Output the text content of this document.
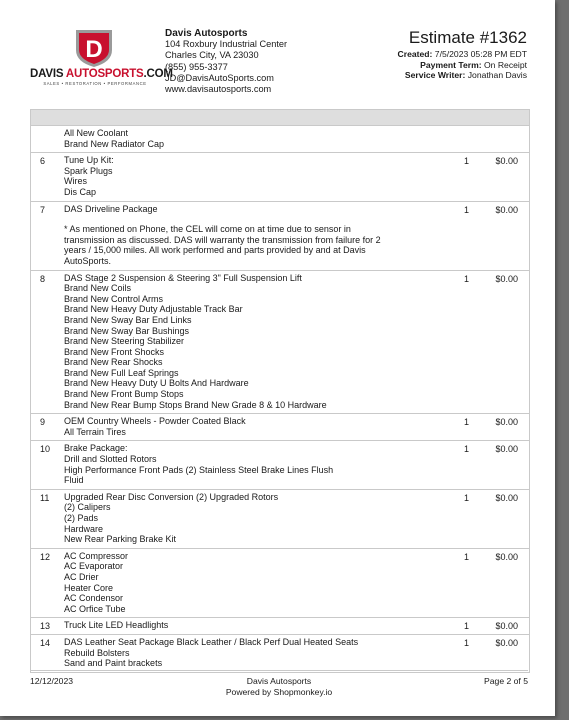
D
DAVIS AUTOSPORTS.COM
SALES • RESTORATION • PERFORMANCE
Davis Autosports
104 Roxbury Industrial Center
Charles City, VA 23030
(855) 955-3377
JD@DavisAutoSports.com
www.davisautosports.com
Estimate #1362
Created: 7/5/2023 05:28 PM EDT
Payment Term: On Receipt
Service Writer: Jonathan Davis
All New Coolant
Brand New Radiator Cap
6 Tune Up Kit:
Spark Plugs
Wires
Dis Cap
1	$0.00
7 DAS Driveline Package
* As mentioned on Phone, the CEL will come on at time due to sensor in transmission as discussed. DAS will warranty the transmission from failure for 2 years / 15,000 miles. All work performed and parts provided by and at Davis AutoSports.
1	$0.00
8 DAS Stage 2 Suspension & Steering 3" Full Suspension Lift
Brand New Coils
Brand New Control Arms
Brand New Heavy Duty Adjustable Track Bar
Brand New Sway Bar End Links
Brand New Sway Bar Bushings
Brand New Steering Stabilizer
Brand New Front Shocks
Brand New Rear Shocks
Brand New Full Leaf Springs
Brand New Heavy Duty U Bolts And Hardware
Brand New Front Bump Stops
Brand New Rear Bump Stops Brand New Grade 8 & 10 Hardware
1	$0.00
9 OEM Country Wheels - Powder Coated Black
All Terrain Tires
1	$0.00
10 Brake Package:
Drill and Slotted Rotors
High Performance Front Pads (2) Stainless Steel Brake Lines Flush
Fluid
1	$0.00
11 Upgraded Rear Disc Conversion (2) Upgraded Rotors
(2) Calipers
(2) Pads
Hardware
New Rear Parking Brake Kit
1	$0.00
12 AC Compressor
AC Evaporator
AC Drier
Heater Core
AC Condensor
AC Orfice Tube
1	$0.00
13 Truck Lite LED Headlights	1	$0.00
14 DAS Leather Seat Package Black Leather / Black Perf Dual Heated Seats
Rebuild Bolsters
Sand and Paint brackets
1	$0.00
12/12/2023	Davis Autosports
Powered by Shopmonkey.io
Page 2 of 5
